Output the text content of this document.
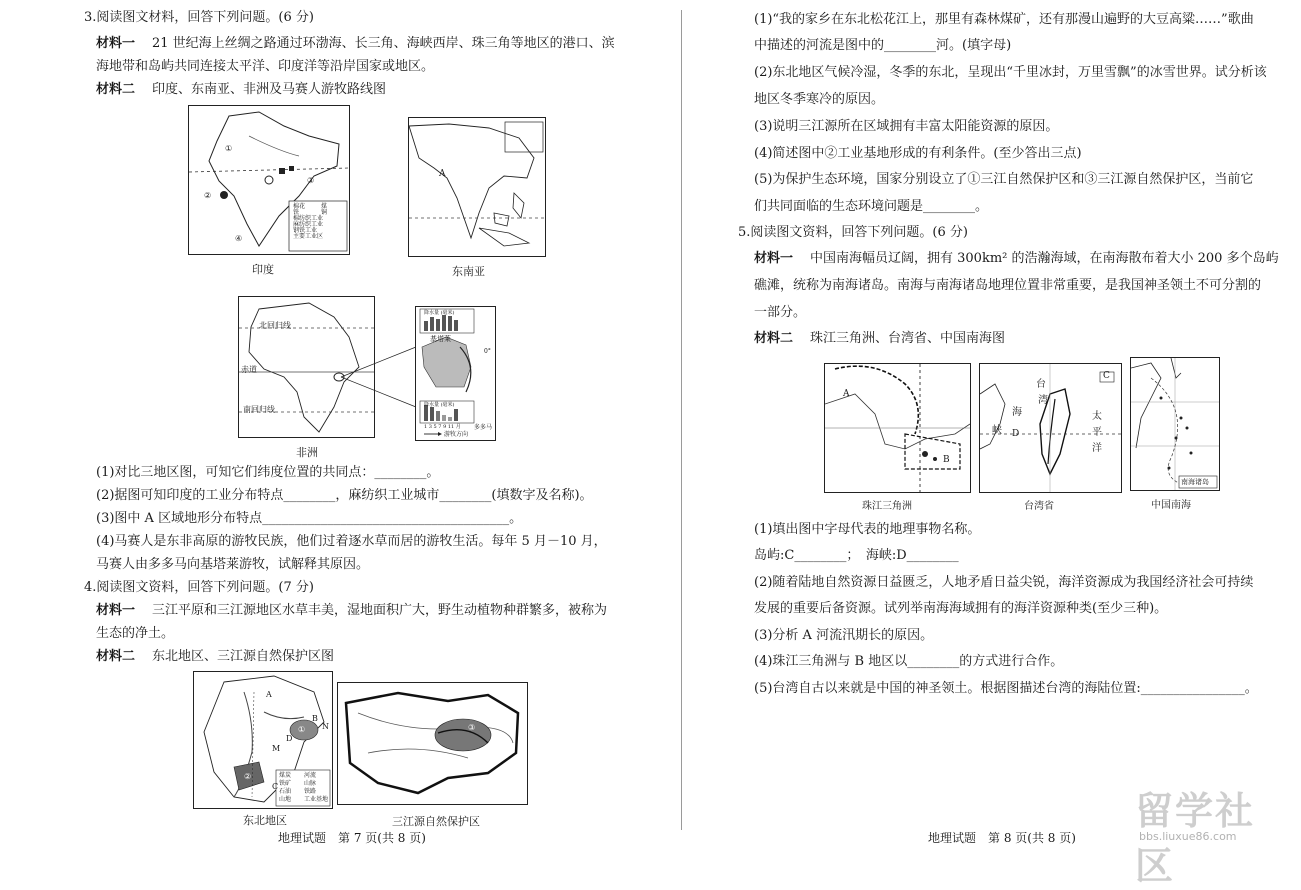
3.阅读图文材料，回答下列问题。(6 分)
材料一 21 世纪海上丝绸之路通过环渤海、长三角、海峡西岸、珠三角等地区的港口、滨
海地带和岛屿共同连接太平洋、印度洋等沿岸国家或地区。
材料二 印度、东南亚、非洲及马赛人游牧路线图
①
②
③
④
棉花
铁
棉纺织工业
麻纺织工业
钢铁工业
主要工业区
煤
铜
印度
A
东南亚
北回归线
赤道
南回归线
非洲
降水量 (毫米)
基塔莱
降水量 (毫米)
多多马
游牧方向
0°
1 3 5 7 9 11 月
(1)对比三地区图，可知它们纬度位置的共同点：________。
(2)据图可知印度的工业分布特点________，麻纺织工业城市________(填数字及名称)。
(3)图中 A 区域地形分布特点______________________________________。
(4)马赛人是东非高原的游牧民族，他们过着逐水草而居的游牧生活。每年 5 月－10 月，
马赛人由多多马向基塔莱游牧，试解释其原因。
4.阅读图文资料，回答下列问题。(7 分)
材料一 三江平原和三江源地区水草丰美，湿地面积广大，野生动植物种群繁多，被称为
生态的净土。
材料二 东北地区、三江源自然保护区图
A
B
C
D
M
N
①
②	煤炭
铁矿
石油
山地
河流
山脉
铁路
工业基地
东北地区
③
三江源自然保护区
地理试题　第 7 页(共 8 页)
(1)“我的家乡在东北松花江上，那里有森林煤矿，还有那漫山遍野的大豆高粱……”歌曲
中描述的河流是图中的________河。(填字母)
(2)东北地区气候冷湿，冬季的东北，呈现出“千里冰封，万里雪飘”的冰雪世界。试分析该
地区冬季寒冷的原因。
(3)说明三江源所在区域拥有丰富太阳能资源的原因。
(4)简述图中②工业基地形成的有利条件。(至少答出三点)
(5)为保护生态环境，国家分别设立了①三江自然保护区和③三江源自然保护区，当前它
们共同面临的生态环境问题是________。
5.阅读图文资料，回答下列问题。(6 分)
材料一 中国南海幅员辽阔，拥有 300km² 的浩瀚海域，在南海散布着大小 200 多个岛屿
礁滩，统称为南海诸岛。南海与南海诸岛地理位置非常重要，是我国神圣领土不可分割的
一部分。
材料二 珠江三角洲、台湾省、中国南海图
A
B
珠江三角洲
台
湾
海
峡 D
C
太
平
洋
台湾省
南海诸岛
中国南海
(1)填出图中字母代表的地理事物名称。
岛屿:C________；　海峡:D________
(2)随着陆地自然资源日益匮乏，人地矛盾日益尖锐，海洋资源成为我国经济社会可持续
发展的重要后备资源。试列举南海海域拥有的海洋资源种类(至少三种)。
(3)分析 A 河流汛期长的原因。
(4)珠江三角洲与 B 地区以________的方式进行合作。
(5)台湾自古以来就是中国的神圣领土。根据图描述台湾的海陆位置:________________。
地理试题　第 8 页(共 8 页)
留学社区
bbs.liuxue86.com
